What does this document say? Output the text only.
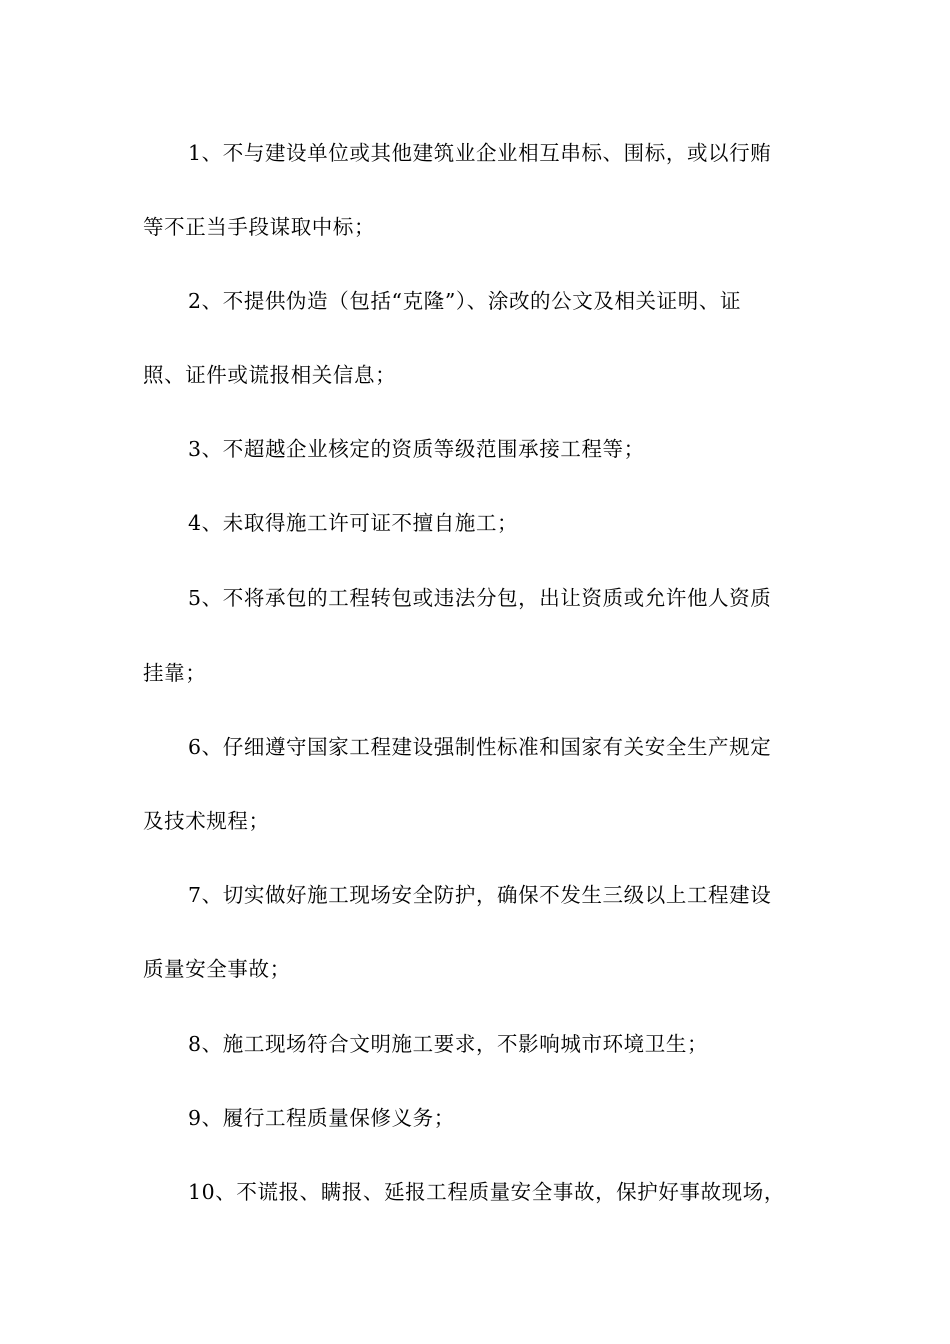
1、不与建设单位或其他建筑业企业相互串标、围标，或以行贿
等不正当手段谋取中标；
2、不提供伪造（包括“克隆”）、涂改的公文及相关证明、证
照、证件或谎报相关信息；
3、不超越企业核定的资质等级范围承接工程等；
4、未取得施工许可证不擅自施工；
5、不将承包的工程转包或违法分包，出让资质或允许他人资质
挂靠；
6、仔细遵守国家工程建设强制性标准和国家有关安全生产规定
及技术规程；
7、切实做好施工现场安全防护，确保不发生三级以上工程建设
质量安全事故；
8、施工现场符合文明施工要求，不影响城市环境卫生；
9、履行工程质量保修义务；
10、不谎报、瞒报、延报工程质量安全事故，保护好事故现场，
